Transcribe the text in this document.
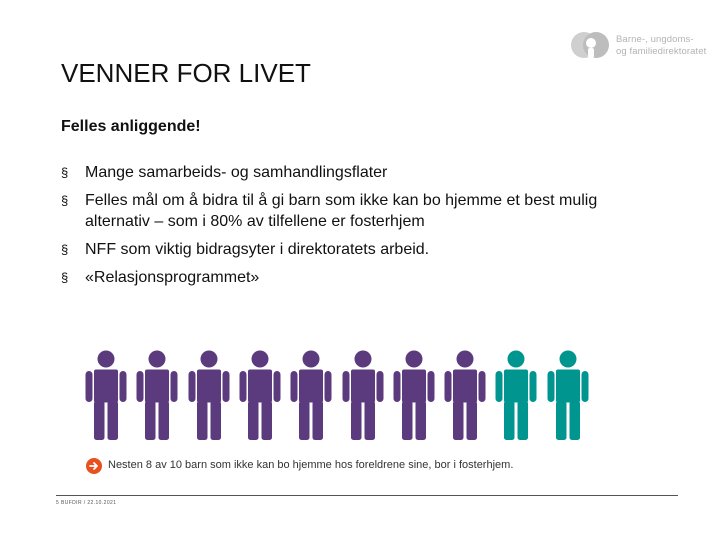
Barne-, ungdoms-
og familiedirektoratet
VENNER FOR LIVET
Felles anliggende!
§ Mange samarbeids- og samhandlingsflater
§ Felles mål om å bidra til å gi barn som ikke kan bo hjemme et best mulig
alternativ – som i 80% av tilfellene er fosterhjem
§ NFF som viktig bidragsyter i direktoratets arbeid.
§ «Relasjonsprogrammet»
Nesten 8 av 10 barn som ikke kan bo hjemme hos foreldrene sine, bor i fosterhjem.
5 BUFDIR / 22.10.2021
